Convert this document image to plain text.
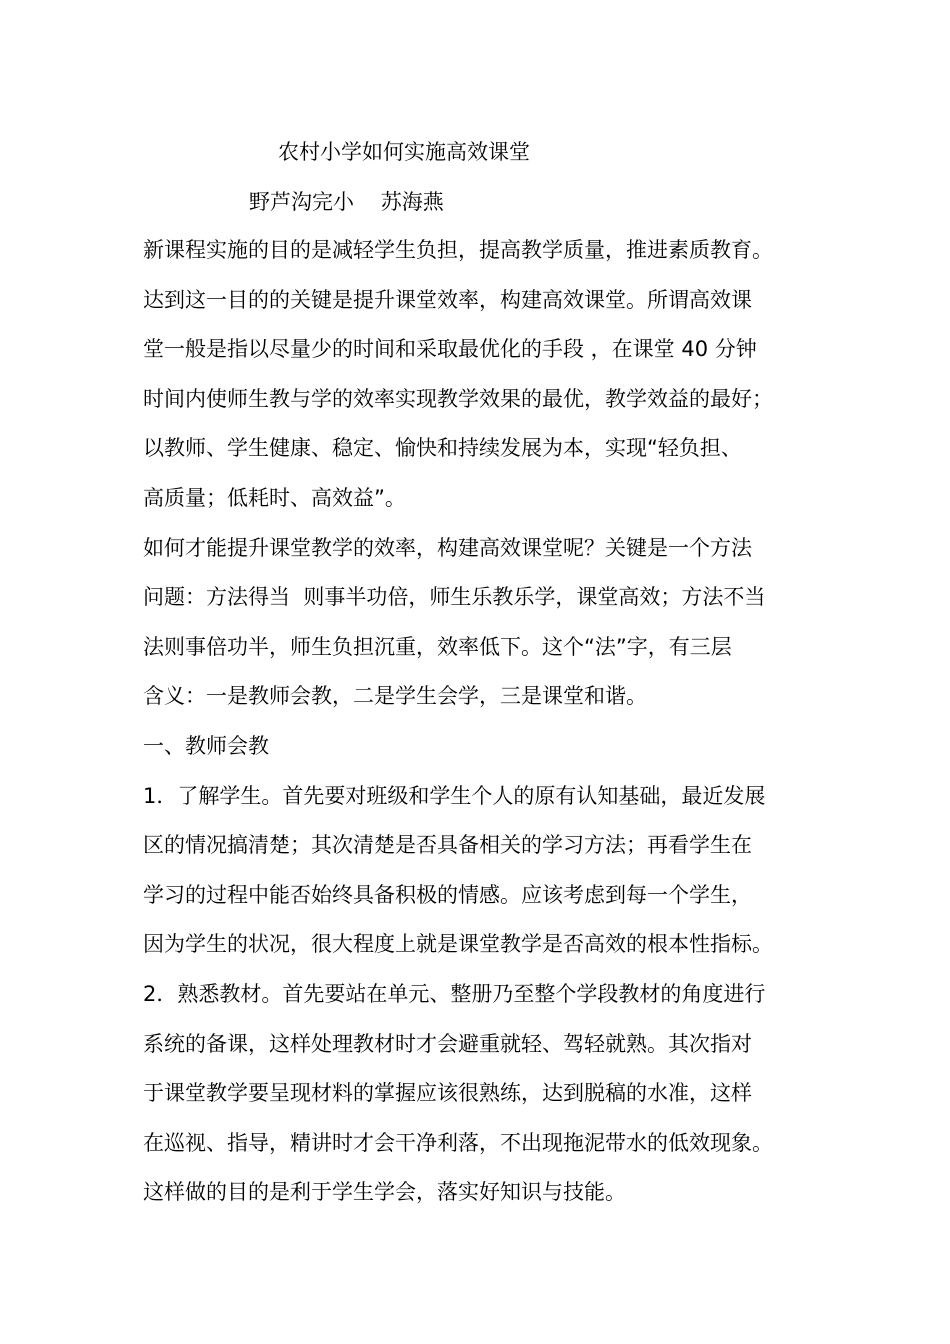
农村小学如何实施高效课堂
野芦沟完小    苏海燕
新课程实施的目的是减轻学生负担，提高教学质量，推进素质教育。
达到这一目的的关键是提升课堂效率，构建高效课堂。所谓高效课
堂一般是指以尽量少的时间和采取最优化的手段 ，在课堂 40 分钟
时间内使师生教与学的效率实现教学效果的最优，教学效益的最好；
以教师、学生健康、稳定、愉快和持续发展为本，实现“轻负担、
高质量；低耗时、高效益”。
如何才能提升课堂教学的效率，构建高效课堂呢？关键是一个方法
问题：方法得当  则事半功倍，师生乐教乐学，课堂高效；方法不当
法则事倍功半，师生负担沉重，效率低下。这个“法”字，有三层
含义：一是教师会教，二是学生会学，三是课堂和谐。
一、教师会教
1．了解学生。首先要对班级和学生个人的原有认知基础，最近发展
区的情况搞清楚；其次清楚是否具备相关的学习方法；再看学生在
学习的过程中能否始终具备积极的情感。应该考虑到每一个学生，
因为学生的状况，很大程度上就是课堂教学是否高效的根本性指标。
2．熟悉教材。首先要站在单元、整册乃至整个学段教材的角度进行
系统的备课，这样处理教材时才会避重就轻、驾轻就熟。其次指对
于课堂教学要呈现材料的掌握应该很熟练，达到脱稿的水准，这样
在巡视、指导，精讲时才会干净利落，不出现拖泥带水的低效现象。
这样做的目的是利于学生学会，落实好知识与技能。
